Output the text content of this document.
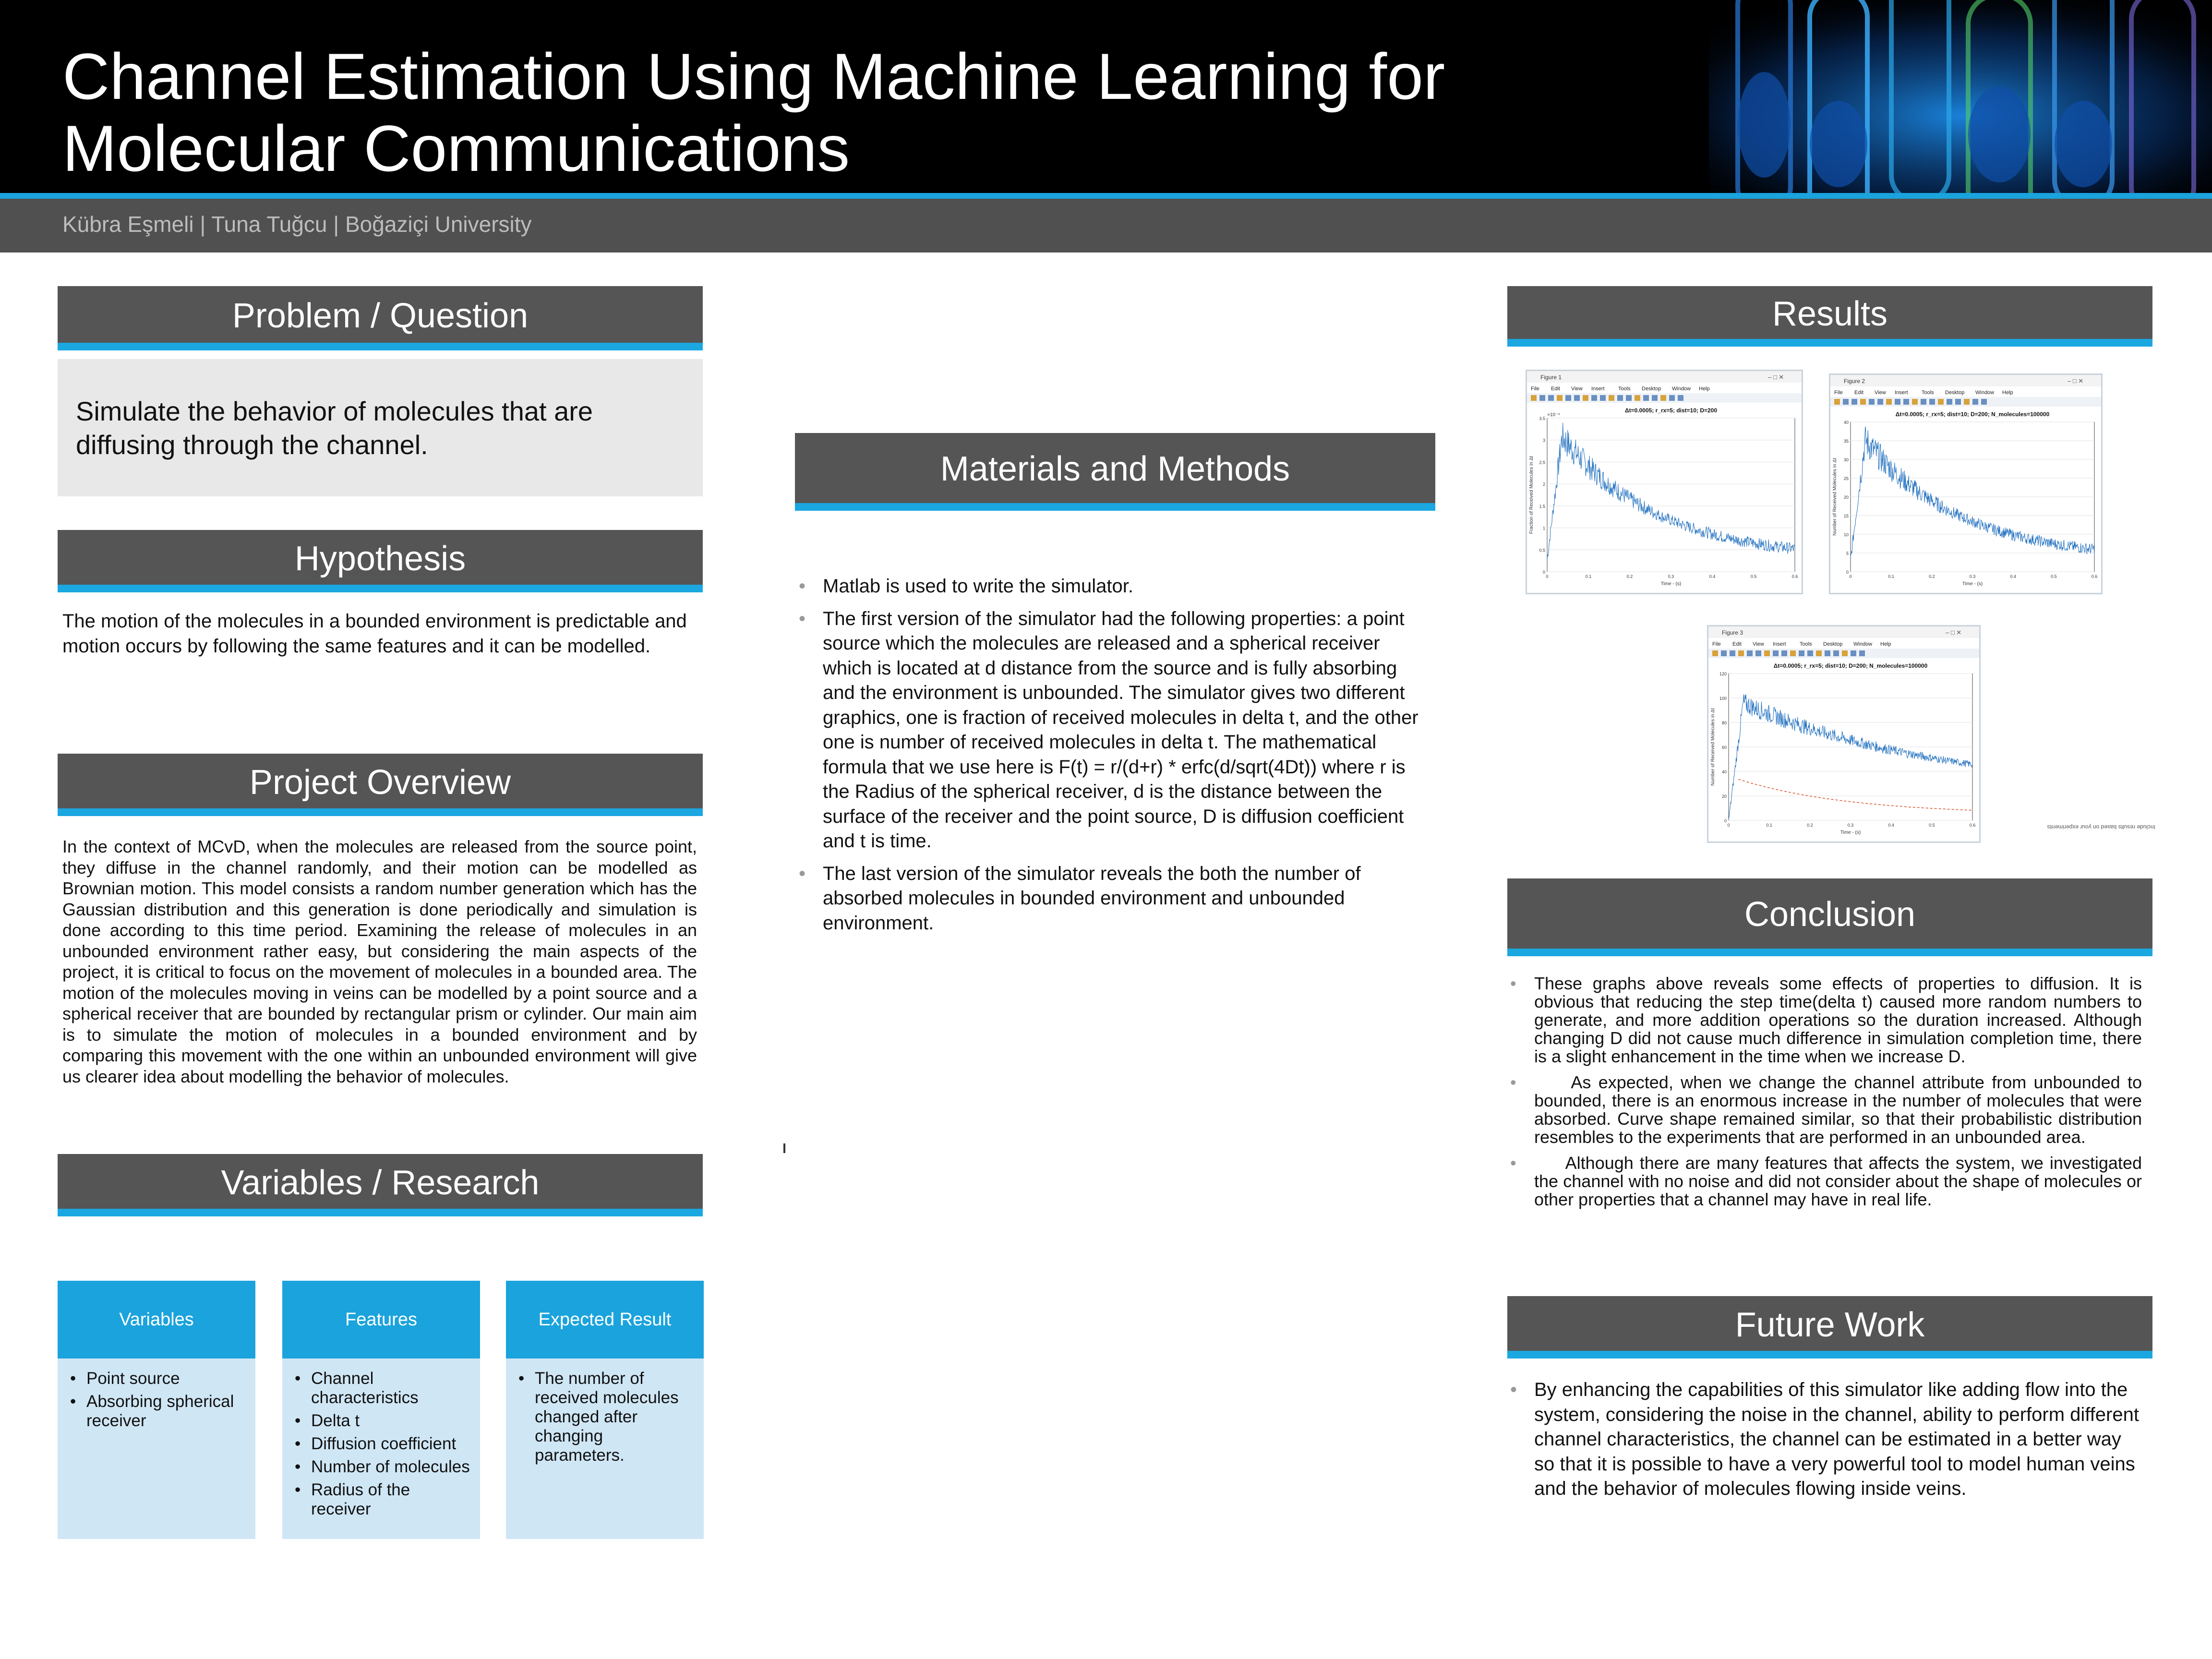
Channel Estimation Using Machine Learning for
Molecular Communications
Kübra Eşmeli | Tuna Tuğcu | Boğaziçi University
Problem / Question
Simulate the behavior of molecules that are diffusing through the channel.
Hypothesis
The motion of the molecules in a bounded environment is predictable and motion occurs by following the same features and it can be modelled.
Project Overview
In the context of MCvD, when the molecules are released from the source point, they diffuse in the channel randomly, and their motion can be modelled as Brownian motion. This model consists a random number generation which has the Gaussian distribution and this generation is done periodically and simulation is done according to this time period. Examining the release of molecules in an unbounded environment rather easy, but considering the main aspects of the project, it is critical to focus on the movement of molecules in a bounded area. The motion of the molecules moving in veins can be modelled by a point source and a spherical receiver that are bounded by rectangular prism or cylinder. Our main aim is to simulate the motion of molecules in a bounded environment and by comparing this movement with the one within an unbounded environment will give us clearer idea about modelling the behavior of molecules.
Variables / Research
Variables
• Point source
• Absorbing spherical receiver
Features
• Channel characteristics
• Delta t
• Diffusion coefficient
• Number of molecules
• Radius of the receiver
Expected Result
• The number of received molecules changed after changing parameters.
Materials and Methods
• Matlab is used to write the simulator.
• The first version of the simulator had the following properties: a point source which the molecules are released and a spherical receiver which is located at d distance from the source and is fully absorbing and the environment is unbounded. The simulator gives two different graphics, one is fraction of received molecules in delta t, and the other one is number of received molecules in delta t. The mathematical formula that we use here is F(t) = r/(d+r) * erfc(d/sqrt(4Dt)) where r is the Radius of the spherical receiver, d is the distance between the surface of the receiver and the point source, D is diffusion coefficient and t is time.
• The last version of the simulator reveals the both the number of absorbed molecules in bounded environment and unbounded environment.
Results
Figure 1	– □ ✕
File Edit View Insert	Tools Desktop Window Help
Δt=0.0005; r_rx=5; dist=10; D=200
×10⁻⁴
0
0.5
1
1.5
2
2.5
3
3.5
0	0.1	0.2	0.3	0.4	0.5	0.6
Time - (s)
Fraction of Received Molecules in Δt
Figure 2	– □ ✕
File Edit View Insert	Tools Desktop Window Help
Δt=0.0005; r_rx=5; dist=10; D=200; N_molecules=100000
0
5
10
15
20
25
30
35
40
0	0.1	0.2	0.3	0.4	0.5	0.6
Time - (s)
Number of Received Molecules in Δt
Figure 3	– □ ✕
File Edit View Insert	Tools Desktop Window Help
Δt=0.0005; r_rx=5; dist=10; D=200; N_molecules=100000
0
20
40
60
80
100
120
0	0.1	0.2	0.3	0.4	0.5	0.6
Time - (s)
Number of Received Molecules in Δt
Include results based on your experiments
Conclusion
• These graphs above reveals some effects of properties to diffusion. It is obvious that reducing the step time(delta t) caused more random numbers to generate, and more addition operations so the duration increased. Although changing D did not cause much difference in simulation completion time, there is a slight enhancement in the time when we increase D.
•      As expected, when we change the channel attribute from unbounded to bounded, there is an enormous increase in the number of molecules that were absorbed. Curve shape remained similar, so that their probabilistic distribution resembles to the experiments that are performed in an unbounded area.
•      Although there are many features that affects the system, we investigated the channel with no noise and did not consider about the shape of molecules or other properties that a channel may have in real life.
Future Work
• By enhancing the capabilities of this simulator like adding flow into the system, considering the noise in the channel, ability to perform different channel characteristics, the channel can be estimated in a better way so that it is possible to have a very powerful tool to model human veins and the behavior of molecules flowing inside veins.
